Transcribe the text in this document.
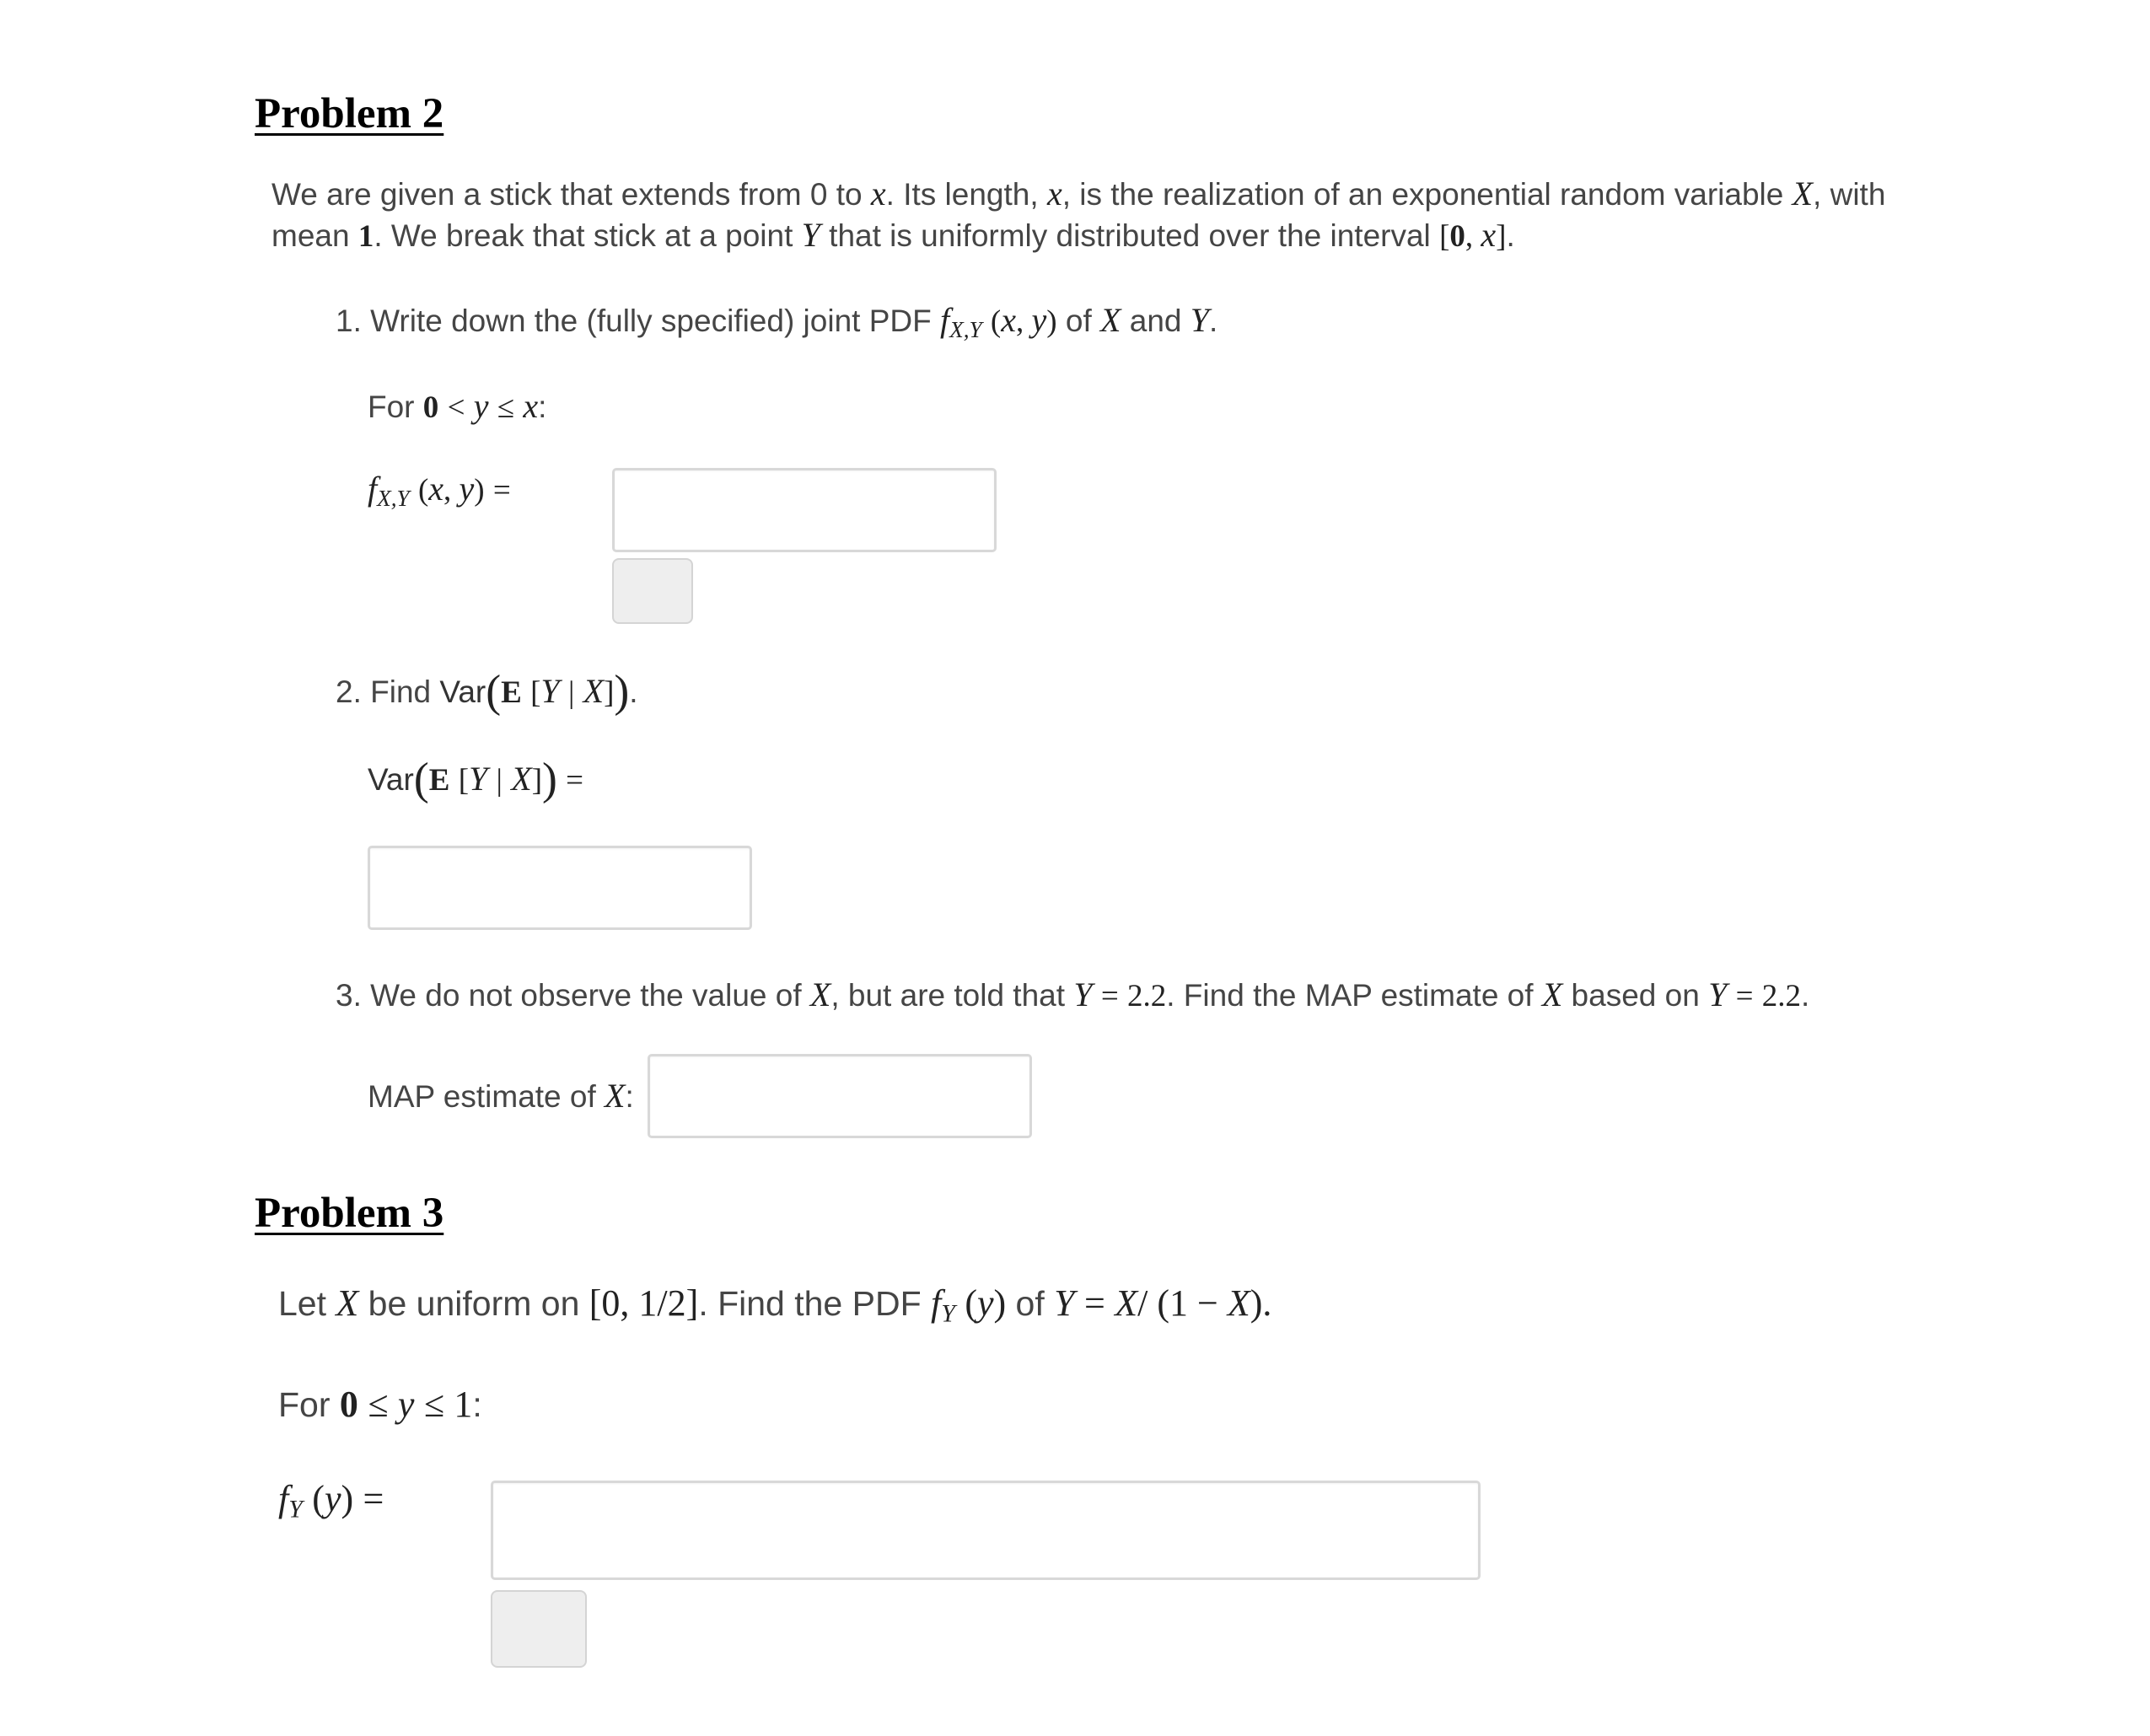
Problem 2
We are given a stick that extends from 0 to x. Its length, x, is the realization of an exponential random variable X, with
mean 1. We break that stick at a point Y that is uniformly distributed over the interval [0, x].
1. Write down the (fully specified) joint PDF $f_{X,Y}$ (x, y) of X and Y.
For 0 < y ≤ x:
$f_{X,Y}$ (x, y) =
2. Find Var(E [Y | X]).
Var(E [Y | X]) =
3. We do not observe the value of X, but are told that Y = 2.2. Find the MAP estimate of X based on Y = 2.2.
MAP estimate of X:
Problem 3
Let X be uniform on [0, 1/2]. Find the PDF $f_Y$ (y) of Y = X/ (1 − X).
For 0 ≤ y ≤ 1:
$f_Y$ (y) =
